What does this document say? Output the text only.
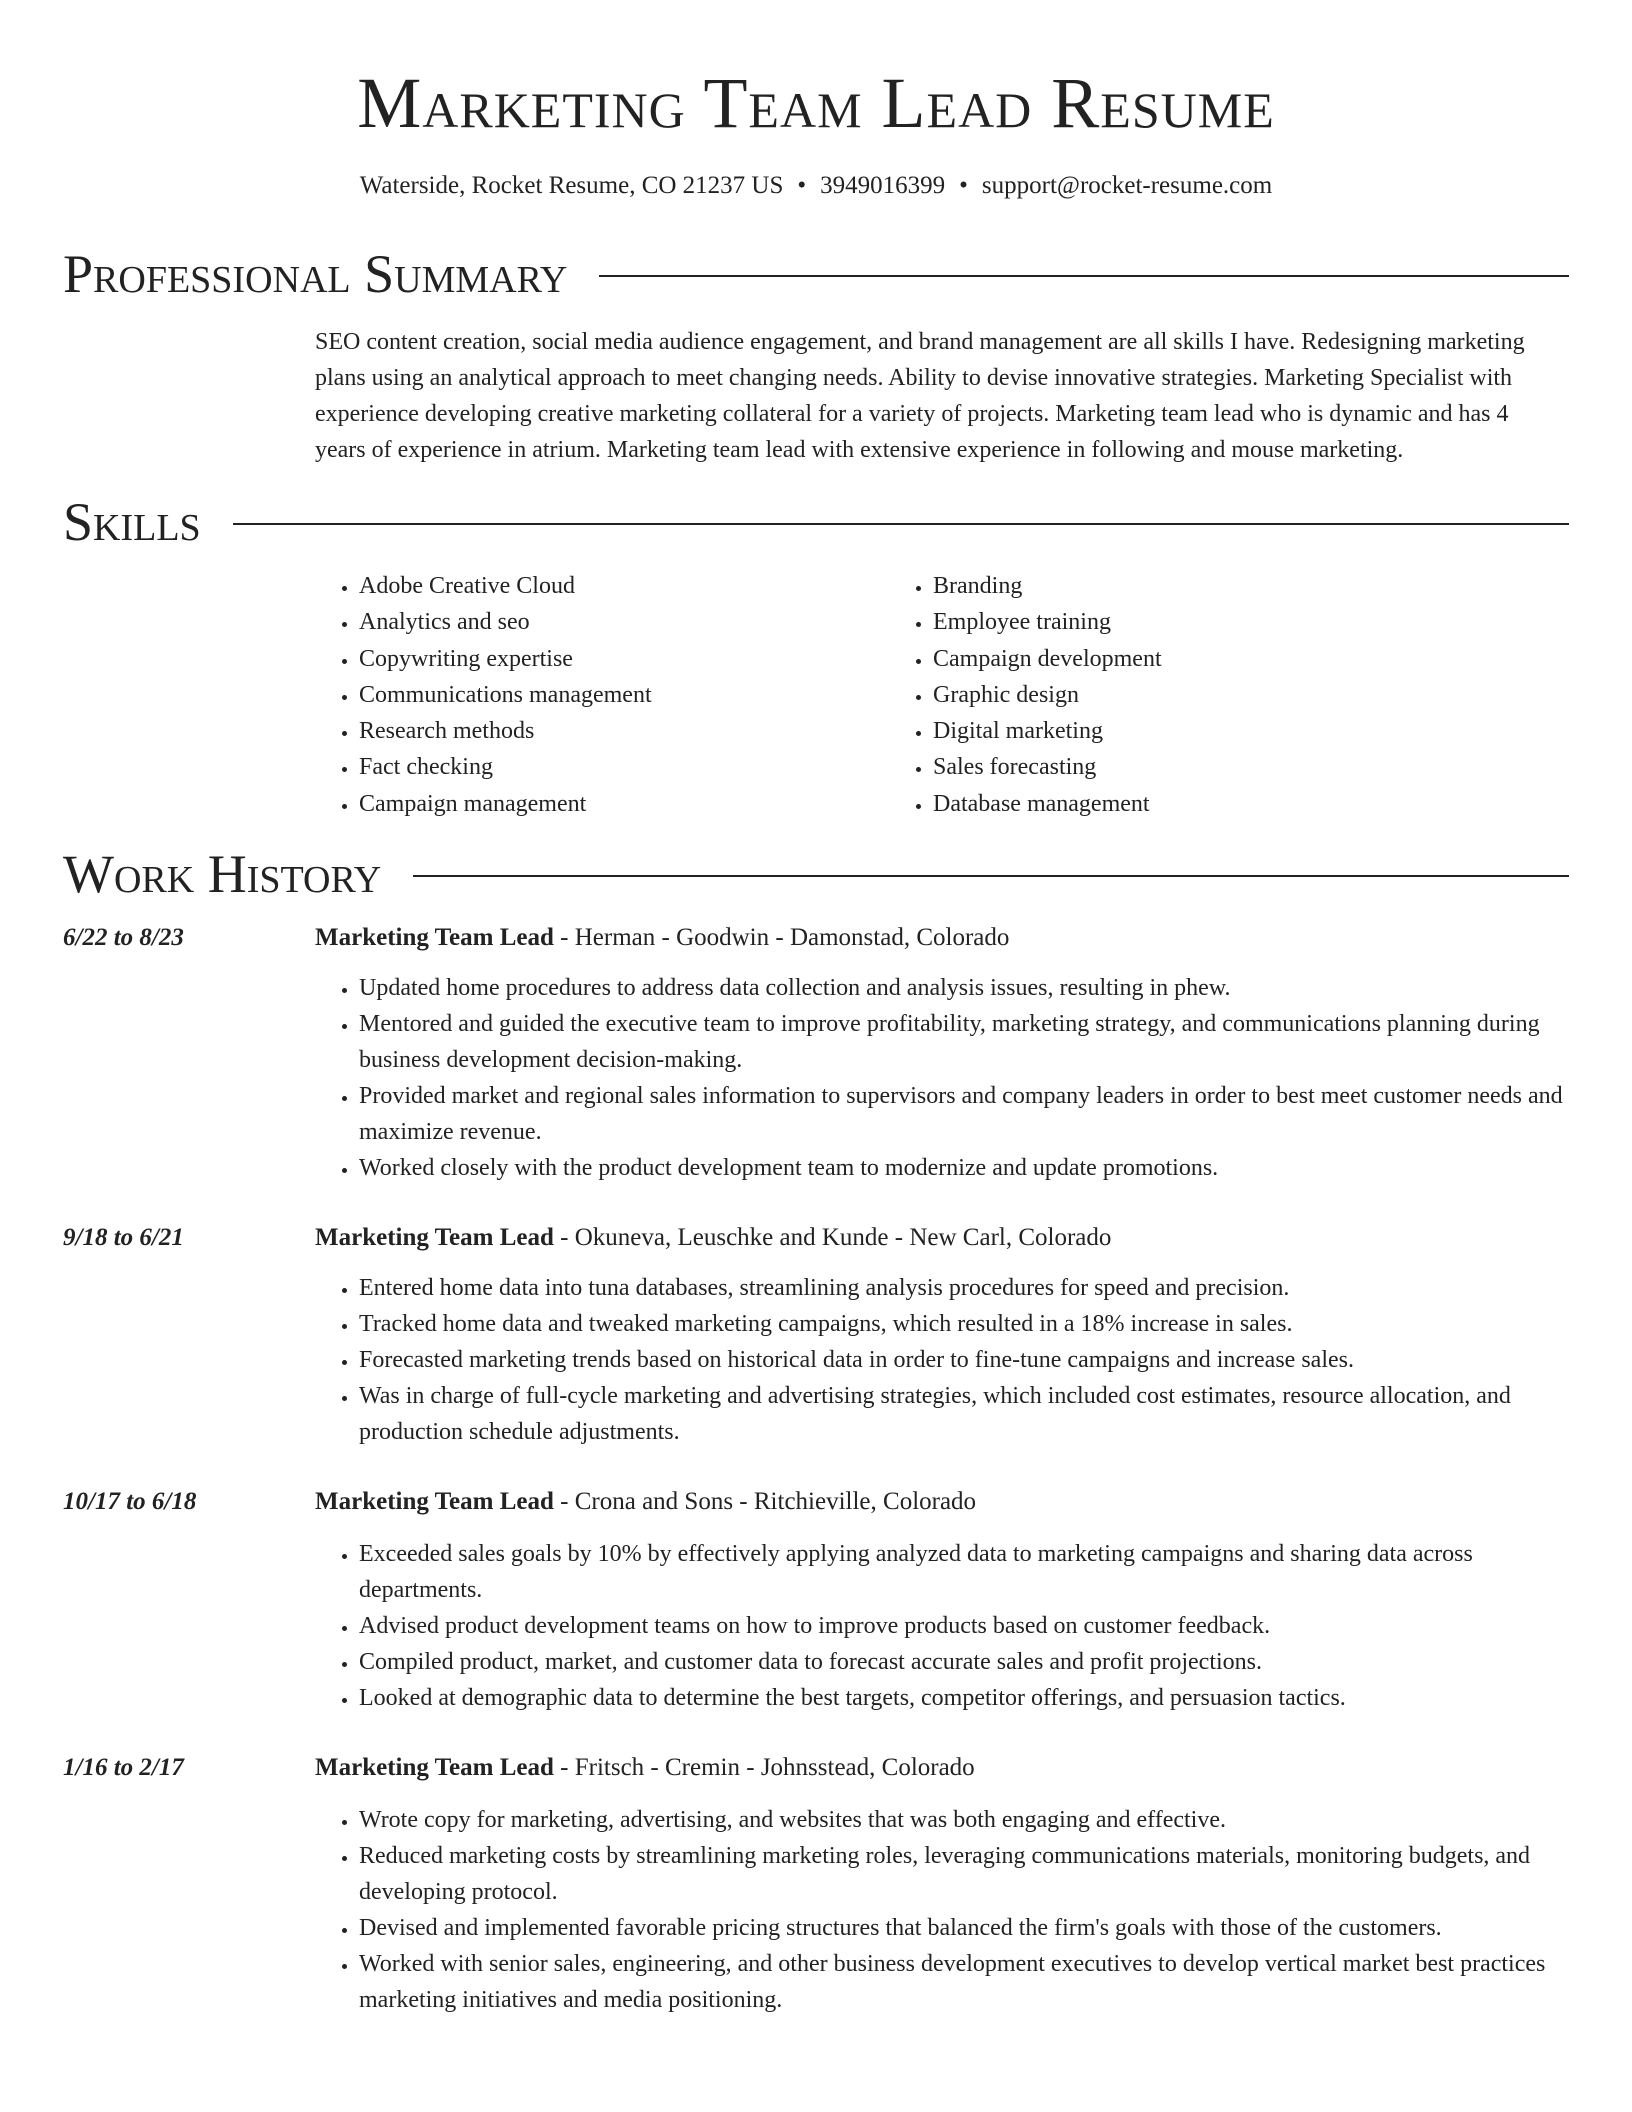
Marketing Team Lead Resume
Waterside, Rocket Resume, CO 21237 US • 3949016399 • support@rocket-resume.com
Professional Summary

SEO content creation, social media audience engagement, and brand management are all skills I have. Redesigning marketing plans using an analytical approach to meet changing needs. Ability to devise innovative strategies. Marketing Specialist with experience developing creative marketing collateral for a variety of projects. Marketing team lead who is dynamic and has 4 years of experience in atrium. Marketing team lead with extensive experience in following and mouse marketing.

Skills
• Adobe Creative Cloud
• Analytics and seo
• Copywriting expertise
• Communications management
• Research methods
• Fact checking
• Campaign management
• Branding
• Employee training
• Campaign development
• Graphic design
• Digital marketing
• Sales forecasting
• Database management
Work History
6/22 to 8/23	Marketing Team Lead - Herman - Goodwin - Damonstad, Colorado
• Updated home procedures to address data collection and analysis issues, resulting in phew.
• Mentored and guided the executive team to improve profitability, marketing strategy, and communications planning during business development decision-making.
• Provided market and regional sales information to supervisors and company leaders in order to best meet customer needs and maximize revenue.
• Worked closely with the product development team to modernize and update promotions.
9/18 to 6/21	Marketing Team Lead - Okuneva, Leuschke and Kunde - New Carl, Colorado
• Entered home data into tuna databases, streamlining analysis procedures for speed and precision.
• Tracked home data and tweaked marketing campaigns, which resulted in a 18% increase in sales.
• Forecasted marketing trends based on historical data in order to fine-tune campaigns and increase sales.
• Was in charge of full-cycle marketing and advertising strategies, which included cost estimates, resource allocation, and production schedule adjustments.
10/17 to 6/18	Marketing Team Lead - Crona and Sons - Ritchieville, Colorado
• Exceeded sales goals by 10% by effectively applying analyzed data to marketing campaigns and sharing data across departments.
• Advised product development teams on how to improve products based on customer feedback.
• Compiled product, market, and customer data to forecast accurate sales and profit projections.
• Looked at demographic data to determine the best targets, competitor offerings, and persuasion tactics.
1/16 to 2/17	Marketing Team Lead - Fritsch - Cremin - Johnsstead, Colorado
• Wrote copy for marketing, advertising, and websites that was both engaging and effective.
• Reduced marketing costs by streamlining marketing roles, leveraging communications materials, monitoring budgets, and developing protocol.
• Devised and implemented favorable pricing structures that balanced the firm's goals with those of the customers.
• Worked with senior sales, engineering, and other business development executives to develop vertical market best practices marketing initiatives and media positioning.
